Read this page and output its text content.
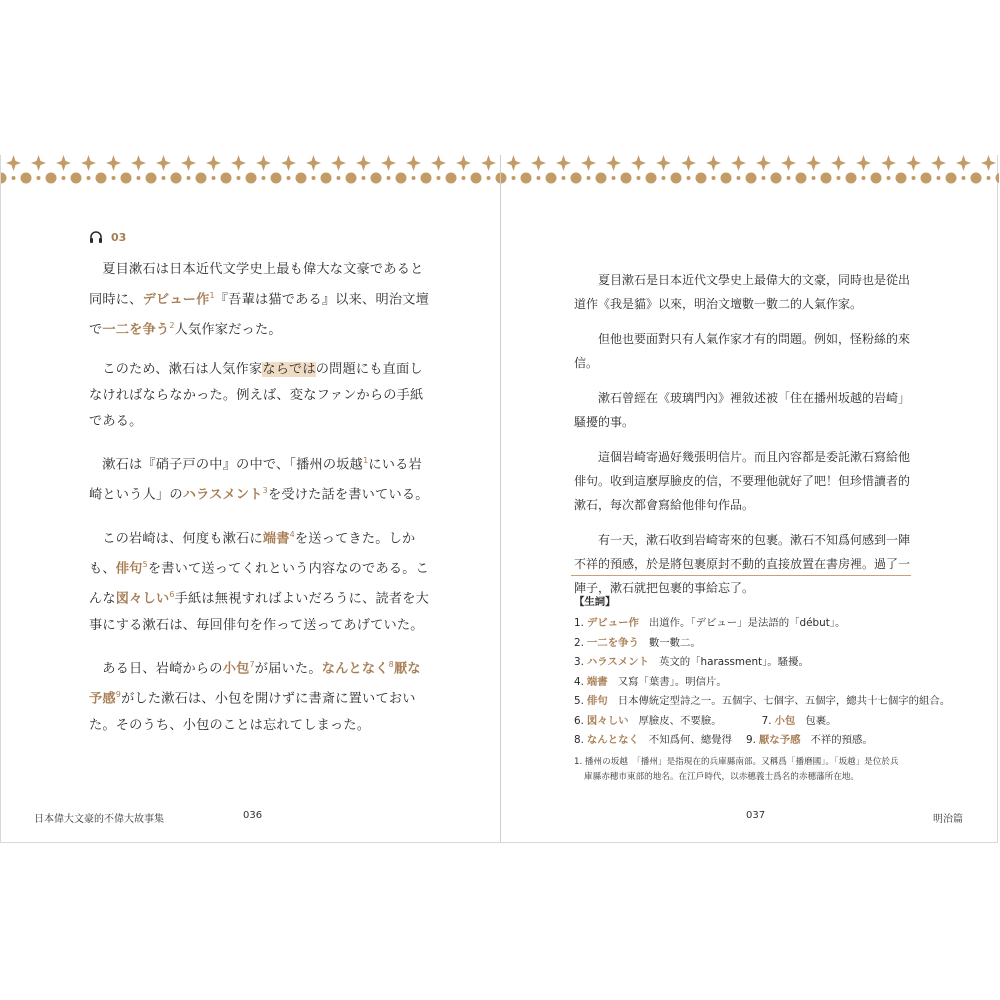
03

夏目漱石は日本近代文学史上最も偉大な文豪であると同時に、デビュー作$^1$『吾輩は猫である』以来、明治文壇で一二を争う$^2$人気作家だった。

このため、漱石は人気作家ならではの問題にも直面しなければならなかった。例えば、変なファンからの手紙である。

漱石は『硝子戸の中』の中で、「播州の坂越$^1$にいる岩崎という人」のハラスメント$^3$を受けた話を書いている。

この岩崎は、何度も漱石に端書$^4$を送ってきた。しかも、俳句$^5$を書いて送ってくれという内容なのである。こんな図々しい$^6$手紙は無視すればよいだろうに、読者を大事にする漱石は、毎回俳句を作って送ってあげていた。

ある日、岩崎からの小包$^7$が届いた。なんとなく$^8$厭な予感$^9$がした漱石は、小包を開けずに書斎に置いておいた。そのうち、小包のことは忘れてしまった。

日本偉大文豪的不偉大故事集	036

夏目漱石是日本近代文學史上最偉大的文豪，同時也是從出道作《我是貓》以來，明治文壇數一數二的人氣作家。

但他也要面對只有人氣作家才有的問題。例如，怪粉絲的來信。

漱石曾經在《玻璃門內》裡敘述被「住在播州坂越的岩崎」騷擾的事。

這個岩崎寄過好幾張明信片。而且內容都是委託漱石寫給他俳句。收到這麼厚臉皮的信，不要理他就好了吧！但珍惜讀者的漱石，每次都會寫給他俳句作品。

有一天，漱石收到岩崎寄來的包裹。漱石不知爲何感到一陣不祥的預感，於是將包裹原封不動的直接放置在書房裡。過了一陣子，漱石就把包裹的事給忘了。

【生詞】
1. デビュー作 出道作。「デビュー」是法語的「début」。
2. 一二を争う 數一數二。
3. ハラスメント 英文的「harassment」。騷擾。
4. 端書 又寫「葉書」。明信片。
5. 俳句 日本傳統定型詩之一。五個字、七個字、五個字，總共十七個字的組合。
6. 図々しい 厚臉皮、不要臉。	7. 小包 包裹。
8. なんとなく 不知爲何、總覺得 9. 厭な予感 不祥的預感。
1. 播州の坂越　「播州」是指現在的兵庫縣南部。又稱爲「播磨國」。「坂越」是位於兵
庫縣赤穗市東部的地名。在江戶時代，以赤穗義士爲名的赤穗藩所在地。
037	明治篇
